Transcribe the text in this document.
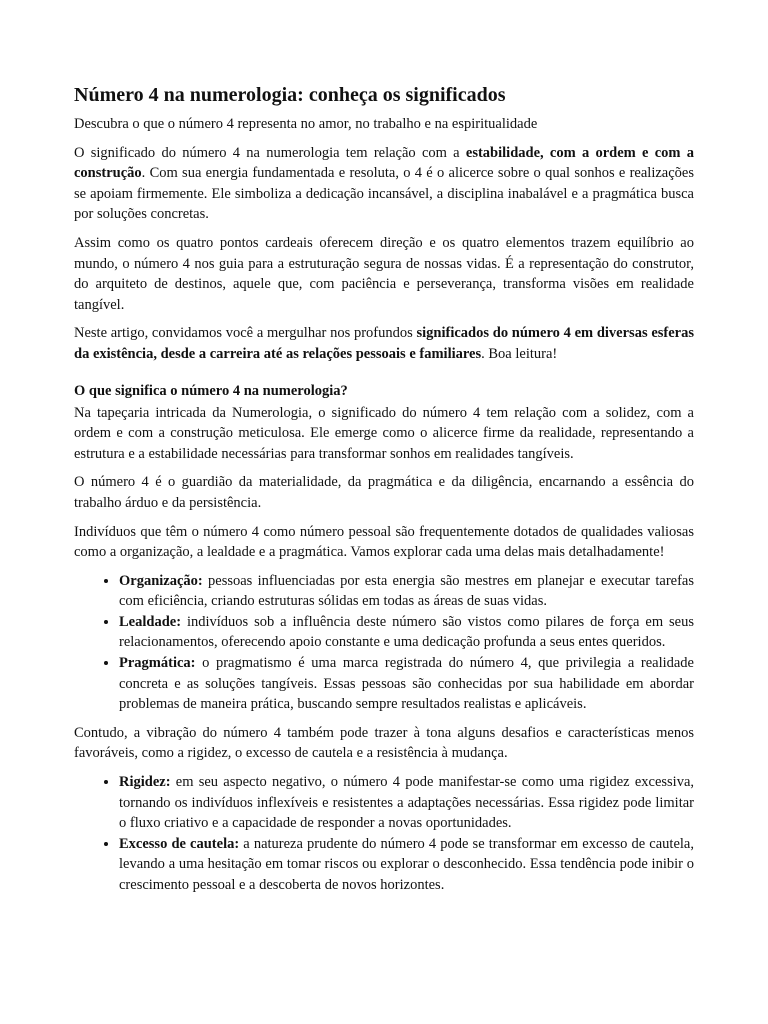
Número 4 na numerologia: conheça os significados
Descubra o que o número 4 representa no amor, no trabalho e na espiritualidade

O significado do número 4 na numerologia tem relação com a estabilidade, com a ordem e com a construção. Com sua energia fundamentada e resoluta, o 4 é o alicerce sobre o qual sonhos e realizações se apoiam firmemente. Ele simboliza a dedicação incansável, a disciplina inabalável e a pragmática busca por soluções concretas.

Assim como os quatro pontos cardeais oferecem direção e os quatro elementos trazem equilíbrio ao mundo, o número 4 nos guia para a estruturação segura de nossas vidas. É a representação do construtor, do arquiteto de destinos, aquele que, com paciência e perseverança, transforma visões em realidade tangível.

Neste artigo, convidamos você a mergulhar nos profundos significados do número 4 em diversas esferas da existência, desde a carreira até as relações pessoais e familiares. Boa leitura!

O que significa o número 4 na numerologia?

Na tapeçaria intricada da Numerologia, o significado do número 4 tem relação com a solidez, com a ordem e com a construção meticulosa. Ele emerge como o alicerce firme da realidade, representando a estrutura e a estabilidade necessárias para transformar sonhos em realidades tangíveis.

O número 4 é o guardião da materialidade, da pragmática e da diligência, encarnando a essência do trabalho árduo e da persistência.

Indivíduos que têm o número 4 como número pessoal são frequentemente dotados de qualidades valiosas como a organização, a lealdade e a pragmática. Vamos explorar cada uma delas mais detalhadamente!

• Organização: pessoas influenciadas por esta energia são mestres em planejar e executar tarefas com eficiência, criando estruturas sólidas em todas as áreas de suas vidas.
• Lealdade: indivíduos sob a influência deste número são vistos como pilares de força em seus relacionamentos, oferecendo apoio constante e uma dedicação profunda a seus entes queridos.
• Pragmática: o pragmatismo é uma marca registrada do número 4, que privilegia a realidade concreta e as soluções tangíveis. Essas pessoas são conhecidas por sua habilidade em abordar problemas de maneira prática, buscando sempre resultados realistas e aplicáveis.

Contudo, a vibração do número 4 também pode trazer à tona alguns desafios e características menos favoráveis, como a rigidez, o excesso de cautela e a resistência à mudança.

• Rigidez: em seu aspecto negativo, o número 4 pode manifestar-se como uma rigidez excessiva, tornando os indivíduos inflexíveis e resistentes a adaptações necessárias. Essa rigidez pode limitar o fluxo criativo e a capacidade de responder a novas oportunidades.
• Excesso de cautela: a natureza prudente do número 4 pode se transformar em excesso de cautela, levando a uma hesitação em tomar riscos ou explorar o desconhecido. Essa tendência pode inibir o crescimento pessoal e a descoberta de novos horizontes.
